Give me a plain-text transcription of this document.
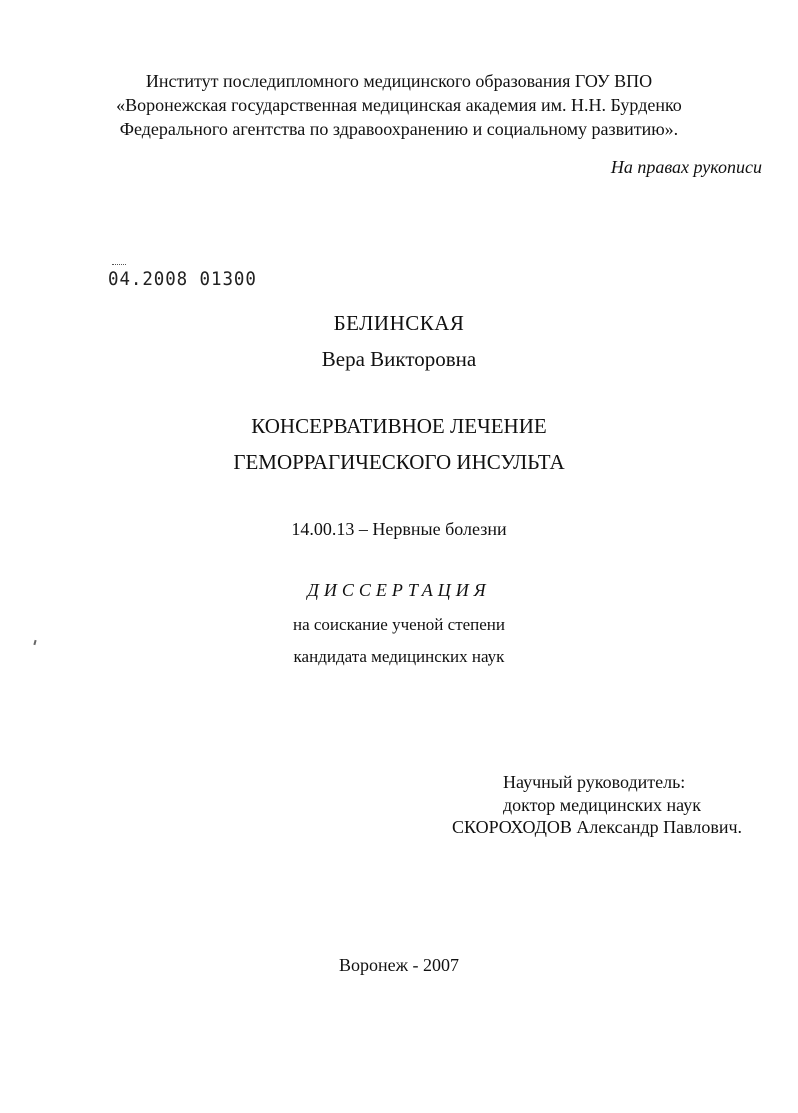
Институт последипломного медицинского образования ГОУ ВПО
«Воронежская государственная медицинская академия им. Н.Н. Бурденко
Федерального агентства по здравоохранению и социальному развитию».
На правах рукописи
04.2008 01300
БЕЛИНСКАЯ
Вера Викторовна
КОНСЕРВАТИВНОЕ ЛЕЧЕНИЕ
ГЕМОРРАГИЧЕСКОГО ИНСУЛЬТА
14.00.13 – Нервные болезни
ДИССЕРТАЦИЯ
на соискание ученой степени
кандидата медицинских наук
Научный руководитель:
доктор медицинских наук
СКОРОХОДОВ Александр Павлович.
Воронеж - 2007
